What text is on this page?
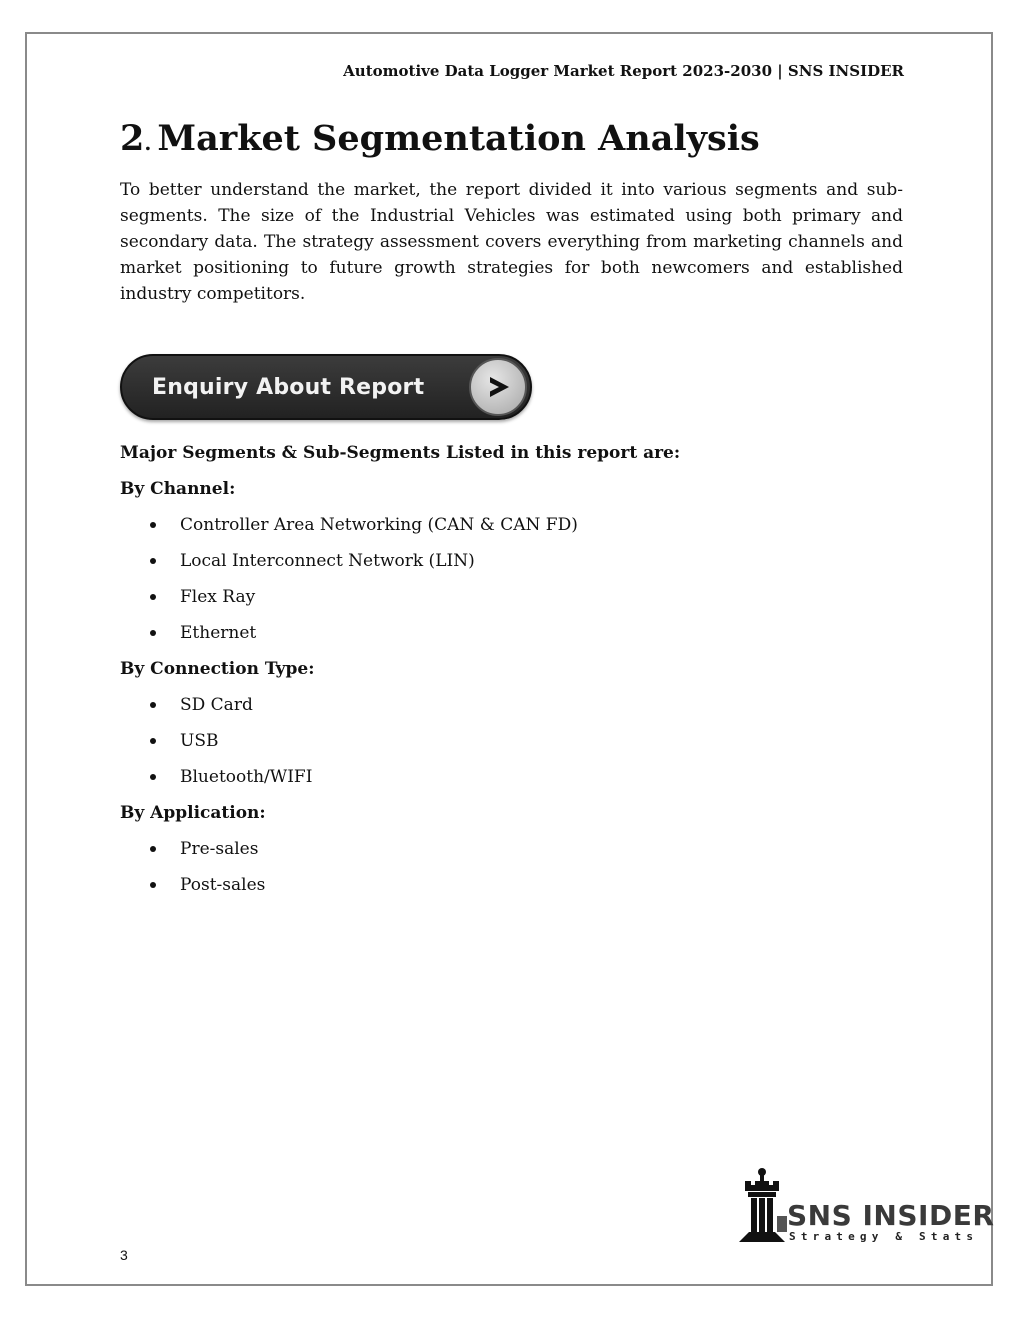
Automotive Data Logger Market Report 2023-2030 | SNS INSIDER
2. Market Segmentation Analysis

To better understand the market, the report divided it into various segments and sub-segments. The size of the Industrial Vehicles was estimated using both primary and secondary data. The strategy assessment covers everything from marketing channels and market positioning to future growth strategies for both newcomers and established industry competitors.

Enquiry About Report

Major Segments & Sub-Segments Listed in this report are:

By Channel:

Controller Area Networking (CAN & CAN FD)
Local Interconnect Network (LIN)
Flex Ray
Ethernet

By Connection Type:

SD Card
USB
Bluetooth/WIFI

By Application:

Pre-sales
Post-sales
SNS INSIDER
Strategy & Stats
3
